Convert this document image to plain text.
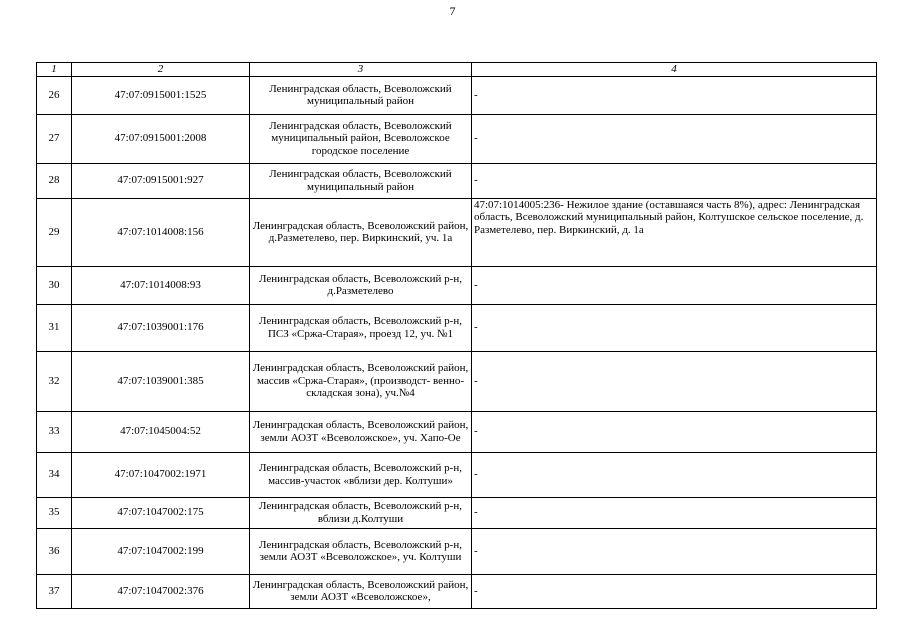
7
1	2	3	4
26	47:07:0915001:1525	Ленинградская область, Всеволожский муниципальный район	-
27	47:07:0915001:2008	Ленинградская область, Всеволожский муниципальный район, Всеволожское городское поселение	-
28	47:07:0915001:927	Ленинградская область, Всеволожский муниципальный район	-
29	47:07:1014008:156	Ленинградская область, Всеволожский район, д.Разметелево, пер. Виркинский, уч. 1а	47:07:1014005:236- Нежилое здание (оставшаяся часть 8%), адрес: Ленинградская область, Всеволожский муниципальный район, Колтушское сельское поселение, д. Разметелево, пер. Виркинский, д. 1а
30	47:07:1014008:93	Ленинградская область, Всеволожский р-н, д.Разметелево	-
31	47:07:1039001:176	Ленинградская область, Всеволожский р-н, ПСЗ «Сржа-Старая», проезд 12, уч. №1	-
32	47:07:1039001:385	Ленинградская область, Всеволожский район, массив «Сржа-Старая», (производст- венно-складская зона), уч.№4	-
33	47:07:1045004:52	Ленинградская область, Всеволожский район, земли АОЗТ «Всеволожское», уч. Хапо-Ое	-
34	47:07:1047002:1971	Ленинградская область, Всеволожский р-н, массив-участок «вблизи дер. Колтуши»	-
35	47:07:1047002:175	Ленинградская область, Всеволожский р-н, вблизи д.Колтуши	-
36	47:07:1047002:199	Ленинградская область, Всеволожский р-н, земли АОЗТ «Всеволожское», уч. Колтуши	-
37	47:07:1047002:376	Ленинградская область, Всеволожский район, земли АОЗТ «Всеволожское»,	-
